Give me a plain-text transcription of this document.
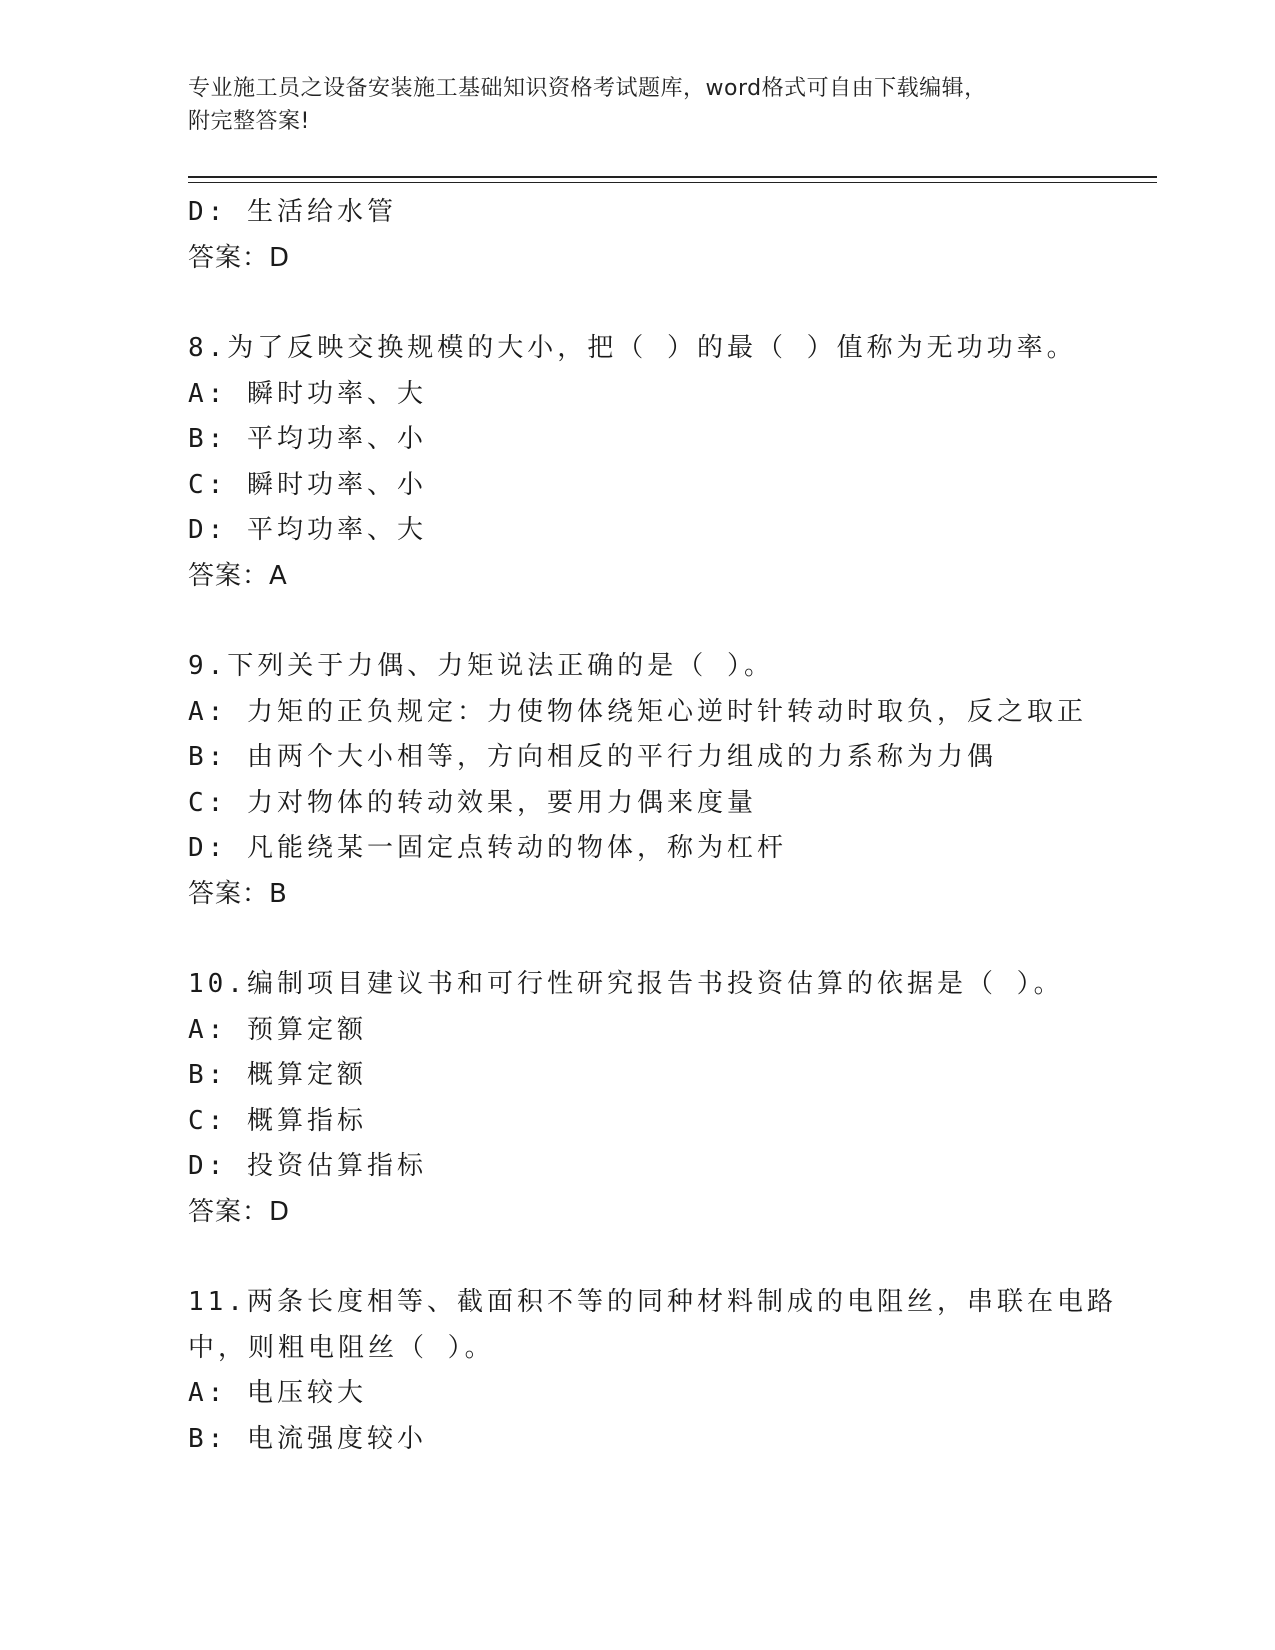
专业施工员之设备安装施工基础知识资格考试题库，word格式可自由下载编辑，
附完整答案!
D: 生活给水管
答案：D
8.为了反映交换规模的大小，把（ ）的最（ ）值称为无功功率。
A: 瞬时功率、大
B: 平均功率、小
C: 瞬时功率、小
D: 平均功率、大
答案：A
9.下列关于力偶、力矩说法正确的是（ ）。
A: 力矩的正负规定：力使物体绕矩心逆时针转动时取负，反之取正
B: 由两个大小相等，方向相反的平行力组成的力系称为力偶
C: 力对物体的转动效果，要用力偶来度量
D: 凡能绕某一固定点转动的物体，称为杠杆
答案：B
10.编制项目建议书和可行性研究报告书投资估算的依据是（ ）。
A: 预算定额
B: 概算定额
C: 概算指标
D: 投资估算指标
答案：D
11.两条长度相等、截面积不等的同种材料制成的电阻丝，串联在电路
中，则粗电阻丝（ ）。
A: 电压较大
B: 电流强度较小
